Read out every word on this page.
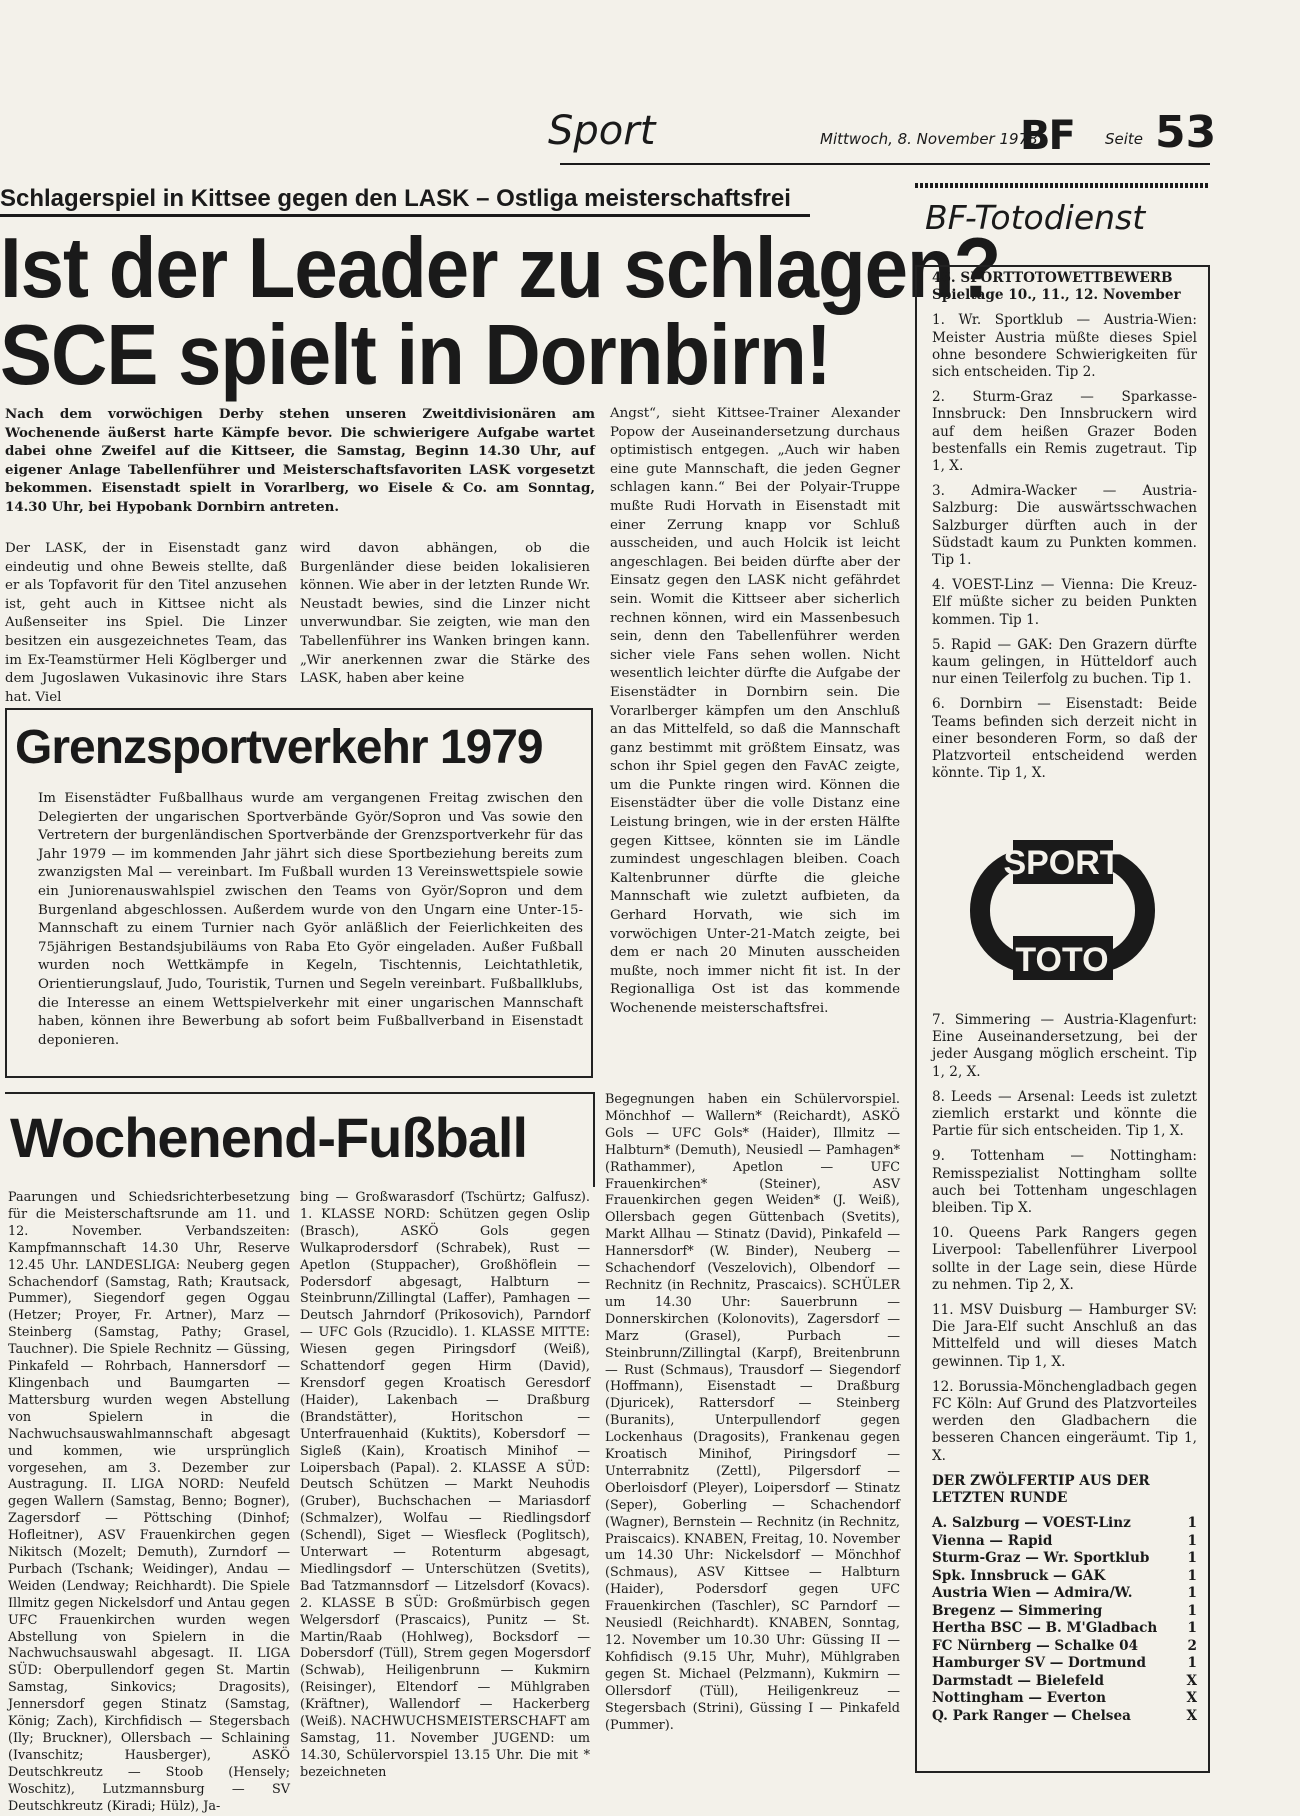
Sport	Mittwoch, 8. November 1978
BF Seite 53
Schlagerspiel in Kittsee gegen den LASK – Ostliga meisterschaftsfrei
Ist der Leader zu schlagen?
SCE spielt in Dornbirn!
Nach dem vorwöchigen Derby stehen unseren Zweitdivisionären am Wochenende äußerst harte Kämpfe bevor. Die schwierigere Aufgabe wartet dabei ohne Zweifel auf die Kittseer, die Samstag, Beginn 14.30 Uhr, auf eigener Anlage Tabellenführer und Meisterschaftsfavoriten LASK vorgesetzt bekommen. Eisenstadt spielt in Vorarlberg, wo Eisele & Co. am Sonntag, 14.30 Uhr, bei Hypobank Dornbirn antreten.
Der LASK, der in Eisenstadt ganz eindeutig und ohne Beweis stellte, daß er als Topfavorit für den Titel anzusehen ist, geht auch in Kittsee nicht als Außenseiter ins Spiel. Die Linzer besitzen ein ausgezeichnetes Team, das im Ex-Teamstürmer Heli Köglberger und dem Jugoslawen Vukasinovic ihre Stars hat. Viel
wird davon abhängen, ob die Burgenländer diese beiden lokalisieren können. Wie aber in der letzten Runde Wr. Neustadt bewies, sind die Linzer nicht unverwundbar. Sie zeigten, wie man den Tabellenführer ins Wanken bringen kann. „Wir anerkennen zwar die Stärke des LASK, haben aber keine
Angst“, sieht Kittsee-Trainer Alexander Popow der Auseinandersetzung durchaus optimistisch entgegen. „Auch wir haben eine gute Mannschaft, die jeden Gegner schlagen kann.“ Bei der Polyair-Truppe mußte Rudi Horvath in Eisenstadt mit einer Zerrung knapp vor Schluß ausscheiden, und auch Holcik ist leicht angeschlagen. Bei beiden dürfte aber der Einsatz gegen den LASK nicht gefährdet sein. Womit die Kittseer aber sicherlich rechnen können, wird ein Massenbesuch sein, denn den Tabellenführer werden sicher viele Fans sehen wollen. Nicht wesentlich leichter dürfte die Aufgabe der Eisenstädter in Dornbirn sein. Die Vorarlberger kämpfen um den Anschluß an das Mittelfeld, so daß die Mannschaft ganz bestimmt mit größtem Einsatz, was schon ihr Spiel gegen den FavAC zeigte, um die Punkte ringen wird. Können die Eisenstädter über die volle Distanz eine Leistung bringen, wie in der ersten Hälfte gegen Kittsee, könnten sie im Ländle zumindest ungeschlagen bleiben. Coach Kaltenbrunner dürfte die gleiche Mannschaft wie zuletzt aufbieten, da Gerhard Horvath, wie sich im vorwöchigen Unter-21-Match zeigte, bei dem er nach 20 Minuten ausscheiden mußte, noch immer nicht fit ist. In der Regionalliga Ost ist das kommende Wochenende meisterschaftsfrei.
Grenzsportverkehr 1979
Im Eisenstädter Fußballhaus wurde am vergangenen Freitag zwischen den Delegierten der ungarischen Sportverbände Györ/Sopron und Vas sowie den Vertretern der burgenländischen Sportverbände der Grenzsportverkehr für das Jahr 1979 — im kommenden Jahr jährt sich diese Sportbeziehung bereits zum zwanzigsten Mal — vereinbart. Im Fußball wurden 13 Vereinswettspiele sowie ein Juniorenauswahlspiel zwischen den Teams von Györ/Sopron und dem Burgenland abgeschlossen. Außerdem wurde von den Ungarn eine Unter-15-Mannschaft zu einem Turnier nach Györ anläßlich der Feierlichkeiten des 75jährigen Bestandsjubiläums von Raba Eto Györ eingeladen. Außer Fußball wurden noch Wettkämpfe in Kegeln, Tischtennis, Leichtathletik, Orientierungslauf, Judo, Touristik, Turnen und Segeln vereinbart. Fußballklubs, die Interesse an einem Wettspielverkehr mit einer ungarischen Mannschaft haben, können ihre Bewerbung ab sofort beim Fußballverband in Eisenstadt deponieren.
Wochenend-Fußball
Paarungen und Schiedsrichterbesetzung für die Meisterschaftsrunde am 11. und 12. November. Verbandszeiten: Kampfmannschaft 14.30 Uhr, Reserve 12.45 Uhr. LANDESLIGA: Neuberg gegen Schachendorf (Samstag, Rath; Krautsack, Pummer), Siegendorf gegen Oggau (Hetzer; Proyer, Fr. Artner), Marz — Steinberg (Samstag, Pathy; Grasel, Tauchner). Die Spiele Rechnitz — Güssing, Pinkafeld — Rohrbach, Hannersdorf — Klingenbach und Baumgarten — Mattersburg wurden wegen Abstellung von Spielern in die Nachwuchsauswahlmannschaft abgesagt und kommen, wie ursprünglich vorgesehen, am 3. Dezember zur Austragung. II. LIGA NORD: Neufeld gegen Wallern (Samstag, Benno; Bogner), Zagersdorf — Pöttsching (Dinhof; Hofleitner), ASV Frauenkirchen gegen Nikitsch (Mozelt; Demuth), Zurndorf — Purbach (Tschank; Weidinger), Andau — Weiden (Lendway; Reichhardt). Die Spiele Illmitz gegen Nickelsdorf und Antau gegen UFC Frauenkirchen wurden wegen Abstellung von Spielern in die Nachwuchsauswahl abgesagt. II. LIGA SÜD: Oberpullendorf gegen St. Martin Samstag, Sinkovics; Dragosits), Jennersdorf gegen Stinatz (Samstag, König; Zach), Kirchfidisch — Stegersbach (Ily; Bruckner), Ollersbach — Schlaining (Ivanschitz; Hausberger), ASKÖ Deutschkreutz — Stoob (Hensely; Woschitz), Lutzmannsburg — SV Deutschkreutz (Kiradi; Hülz), Ja-
bing — Großwarasdorf (Tschürtz; Galfusz). 1. KLASSE NORD: Schützen gegen Oslip (Brasch), ASKÖ Gols gegen Wulkaprodersdorf (Schrabek), Rust — Apetlon (Stuppacher), Großhöflein — Podersdorf abgesagt, Halbturn — Steinbrunn/Zillingtal (Laffer), Pamhagen — Deutsch Jahrndorf (Prikosovich), Parndorf — UFC Gols (Rzucidlo). 1. KLASSE MITTE: Wiesen gegen Piringsdorf (Weiß), Schattendorf gegen Hirm (David), Krensdorf gegen Kroatisch Geresdorf (Haider), Lakenbach — Draßburg (Brandstätter), Horitschon — Unterfrauenhaid (Kuktits), Kobersdorf — Sigleß (Kain), Kroatisch Minihof — Loipersbach (Papal). 2. KLASSE A SÜD: Deutsch Schützen — Markt Neuhodis (Gruber), Buchschachen — Mariasdorf (Schmalzer), Wolfau — Riedlingsdorf (Schendl), Siget — Wiesfleck (Poglitsch), Unterwart — Rotenturm abgesagt, Miedlingsdorf — Unterschützen (Svetits), Bad Tatzmannsdorf — Litzelsdorf (Kovacs). 2. KLASSE B SÜD: Großmürbisch gegen Welgersdorf (Prascaics), Punitz — St. Martin/Raab (Hohlweg), Bocksdorf — Dobersdorf (Tüll), Strem gegen Mogersdorf (Schwab), Heiligenbrunn — Kukmirn (Reisinger), Eltendorf — Mühlgraben (Kräftner), Wallendorf — Hackerberg (Weiß). NACHWUCHSMEISTERSCHAFT am Samstag, 11. November JUGEND: um 14.30, Schülervorspiel 13.15 Uhr. Die mit * bezeichneten
Begegnungen haben ein Schülervorspiel. Mönchhof — Wallern* (Reichardt), ASKÖ Gols — UFC Gols* (Haider), Illmitz — Halbturn* (Demuth), Neusiedl — Pamhagen* (Rathammer), Apetlon — UFC Frauenkirchen* (Steiner), ASV Frauenkirchen gegen Weiden* (J. Weiß), Ollersbach gegen Güttenbach (Svetits), Markt Allhau — Stinatz (David), Pinkafeld — Hannersdorf* (W. Binder), Neuberg — Schachendorf (Veszelovich), Olbendorf — Rechnitz (in Rechnitz, Prascaics). SCHÜLER um 14.30 Uhr: Sauerbrunn — Donnerskirchen (Kolonovits), Zagersdorf — Marz (Grasel), Purbach — Steinbrunn/Zillingtal (Karpf), Breitenbrunn — Rust (Schmaus), Trausdorf — Siegendorf (Hoffmann), Eisenstadt — Draßburg (Djuricek), Rattersdorf — Steinberg (Buranits), Unterpullendorf gegen Lockenhaus (Dragosits), Frankenau gegen Kroatisch Minihof, Piringsdorf — Unterrabnitz (Zettl), Pilgersdorf — Oberloisdorf (Pleyer), Loipersdorf — Stinatz (Seper), Goberling — Schachendorf (Wagner), Bernstein — Rechnitz (in Rechnitz, Praiscaics). KNABEN, Freitag, 10. November um 14.30 Uhr: Nickelsdorf — Mönchhof (Schmaus), ASV Kittsee — Halbturn (Haider), Podersdorf gegen UFC Frauenkirchen (Taschler), SC Parndorf — Neusiedl (Reichhardt). KNABEN, Sonntag, 12. November um 10.30 Uhr: Güssing II — Kohfidisch (9.15 Uhr, Muhr), Mühlgraben gegen St. Michael (Pelzmann), Kukmirn — Ollersdorf (Tüll), Heiligenkreuz — Stegersbach (Strini), Güssing I — Pinkafeld (Pummer).
BF-Totodienst
46. SPORTTOTOWETTBEWERB
Spieltage 10., 11., 12. November

1. Wr. Sportklub — Austria-Wien: Meister Austria müßte dieses Spiel ohne besondere Schwierigkeiten für sich entscheiden. Tip 2.

2. Sturm-Graz — Sparkasse-Innsbruck: Den Innsbruckern wird auf dem heißen Grazer Boden bestenfalls ein Remis zugetraut. Tip 1, X.

3. Admira-Wacker — Austria-Salzburg: Die auswärtsschwachen Salzburger dürften auch in der Südstadt kaum zu Punkten kommen. Tip 1.

4. VOEST-Linz — Vienna: Die Kreuz-Elf müßte sicher zu beiden Punkten kommen. Tip 1.

5. Rapid — GAK: Den Grazern dürfte kaum gelingen, in Hütteldorf auch nur einen Teilerfolg zu buchen. Tip 1.

6. Dornbirn — Eisenstadt: Beide Teams befinden sich derzeit nicht in einer besonderen Form, so daß der Platzvorteil entscheidend werden könnte. Tip 1, X.

SPORT
TOTO

7. Simmering — Austria-Klagenfurt: Eine Auseinandersetzung, bei der jeder Ausgang möglich erscheint. Tip 1, 2, X.

8. Leeds — Arsenal: Leeds ist zuletzt ziemlich erstarkt und könnte die Partie für sich entscheiden. Tip 1, X.

9. Tottenham — Nottingham: Remisspezialist Nottingham sollte auch bei Tottenham ungeschlagen bleiben. Tip X.

10. Queens Park Rangers gegen Liverpool: Tabellenführer Liverpool sollte in der Lage sein, diese Hürde zu nehmen. Tip 2, X.

11. MSV Duisburg — Hamburger SV: Die Jara-Elf sucht Anschluß an das Mittelfeld und will dieses Match gewinnen. Tip 1, X.

12. Borussia-Mönchengladbach gegen FC Köln: Auf Grund des Platzvorteiles werden den Gladbachern die besseren Chancen eingeräumt. Tip 1, X.

DER ZWÖLFERTIP AUS DER LETZTEN RUNDE
A. Salzburg — VOEST-Linz	1
Vienna — Rapid	1
Sturm-Graz — Wr. Sportklub	1
Spk. Innsbruck — GAK	1
Austria Wien — Admira/W.	1
Bregenz — Simmering	1
Hertha BSC — B. M'Gladbach 1
FC Nürnberg — Schalke 04	2
Hamburger SV — Dortmund	1
Darmstadt — Bielefeld	X
Nottingham — Everton	X
Q. Park Ranger — Chelsea	X
